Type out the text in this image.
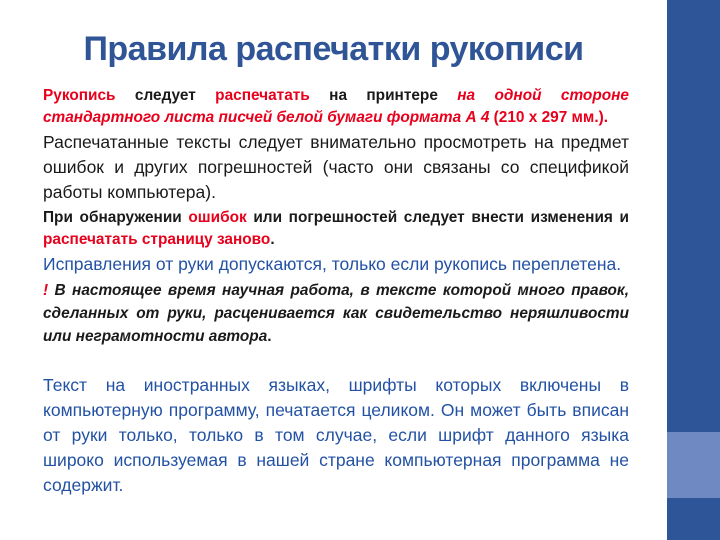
Правила распечатки рукописи

Рукопись следует распечатать на принтере на одной стороне стандартного листа писчей белой бумаги формата А 4 (210 х 297 мм.).

Распечатанные тексты следует внимательно просмотреть на предмет ошибок и других погрешностей (часто они связаны со спецификой работы компьютера).

При обнаружении ошибок или погрешностей следует внести изменения и распечатать страницу заново.

Исправления от руки допускаются, только если рукопись переплетена.

! В настоящее время научная работа, в тексте которой много правок, сделанных от руки, расценивается как свидетельство неряшливости или неграмотности автора.

Текст на иностранных языках, шрифты которых включены в компьютерную программу, печатается целиком. Он может быть вписан от руки только, только в том случае, если шрифт данного языка широко используемая в нашей стране компьютерная программа не содержит.
